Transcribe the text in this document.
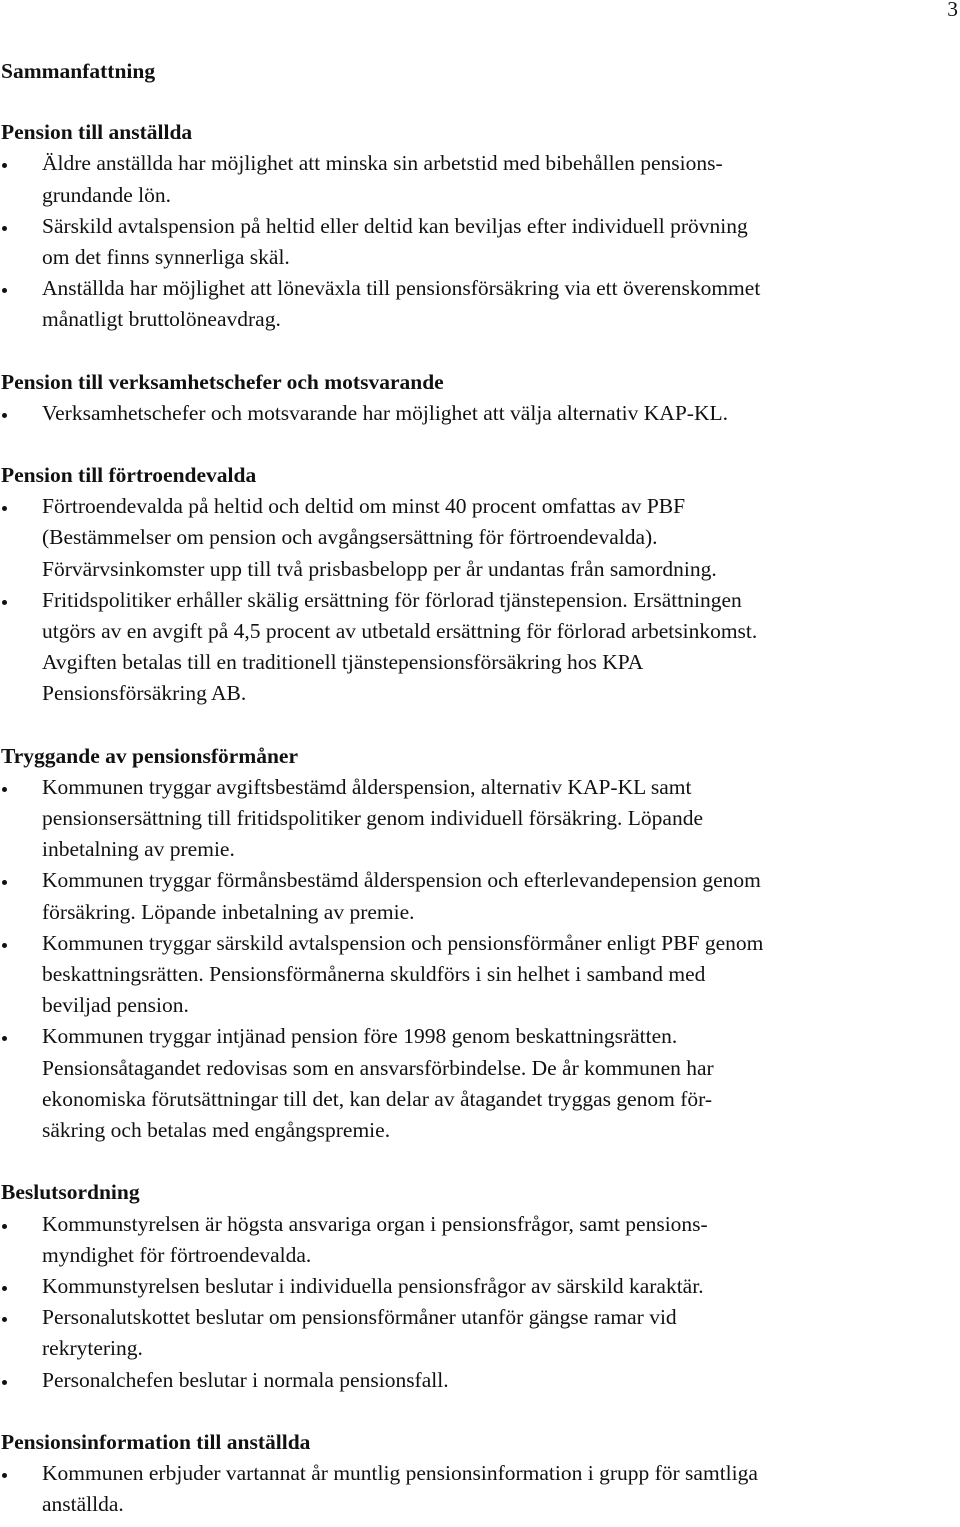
3
Sammanfattning
Pension till anställda
Äldre anställda har möjlighet att minska sin arbetstid med bibehållen pensions-
grundande lön.
Särskild avtalspension på heltid eller deltid kan beviljas efter individuell prövning
om det finns synnerliga skäl.
Anställda har möjlighet att löneväxla till pensionsförsäkring via ett överenskommet
månatligt bruttolöneavdrag.
Pension till verksamhetschefer och motsvarande
Verksamhetschefer och motsvarande har möjlighet att välja alternativ KAP-KL.
Pension till förtroendevalda
Förtroendevalda på heltid och deltid om minst 40 procent omfattas av PBF
(Bestämmelser om pension och avgångsersättning för förtroendevalda).
Förvärvsinkomster upp till två prisbasbelopp per år undantas från samordning.
Fritidspolitiker erhåller skälig ersättning för förlorad tjänstepension. Ersättningen
utgörs av en avgift på 4,5 procent av utbetald ersättning för förlorad arbetsinkomst.
Avgiften betalas till en traditionell tjänstepensionsförsäkring hos KPA
Pensionsförsäkring AB.
Tryggande av pensionsförmåner
Kommunen tryggar avgiftsbestämd ålderspension, alternativ KAP-KL samt
pensionsersättning till fritidspolitiker genom individuell försäkring. Löpande
inbetalning av premie.
Kommunen tryggar förmånsbestämd ålderspension och efterlevandepension genom
försäkring. Löpande inbetalning av premie.
Kommunen tryggar särskild avtalspension och pensionsförmåner enligt PBF genom
beskattningsrätten. Pensionsförmånerna skuldförs i sin helhet i samband med
beviljad pension.
Kommunen tryggar intjänad pension före 1998 genom beskattningsrätten.
Pensionsåtagandet redovisas som en ansvarsförbindelse. De år kommunen har
ekonomiska förutsättningar till det, kan delar av åtagandet tryggas genom för-
säkring och betalas med engångspremie.
Beslutsordning
Kommunstyrelsen är högsta ansvariga organ i pensionsfrågor, samt pensions-
myndighet för förtroendevalda.
Kommunstyrelsen beslutar i individuella pensionsfrågor av särskild karaktär.
Personalutskottet beslutar om pensionsförmåner utanför gängse ramar vid
rekrytering.
Personalchefen beslutar i normala pensionsfall.
Pensionsinformation till anställda
Kommunen erbjuder vartannat år muntlig pensionsinformation i grupp för samtliga
anställda.
